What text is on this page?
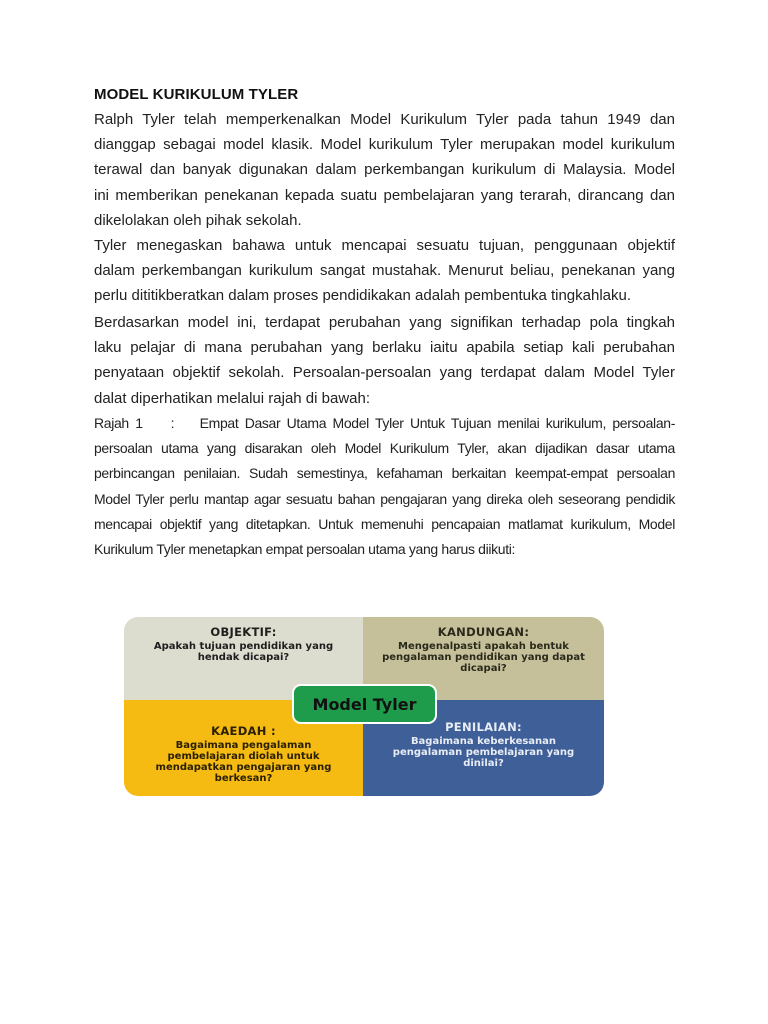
MODEL KURIKULUM TYLER
Ralph Tyler telah memperkenalkan Model Kurikulum Tyler pada tahun 1949 dan
dianggap sebagai model klasik. Model kurikulum Tyler merupakan model kurikulum
terawal dan banyak digunakan dalam perkembangan kurikulum di Malaysia. Model
ini memberikan penekanan kepada suatu pembelajaran yang terarah, dirancang dan
dikelolakan oleh pihak sekolah.
Tyler menegaskan bahawa untuk mencapai sesuatu tujuan, penggunaan objektif
dalam perkembangan kurikulum sangat mustahak. Menurut beliau, penekanan yang
perlu dititikberatkan dalam proses pendidikakan adalah pembentuka tingkahlaku.
Berdasarkan model ini, terdapat perubahan yang signifikan terhadap pola tingkah
laku pelajar di mana perubahan yang berlaku iaitu apabila setiap kali perubahan
penyataan objektif sekolah. Persoalan-persoalan yang terdapat dalam Model Tyler
dalat diperhatikan melalui rajah di bawah:
Rajah 1 : Empat Dasar Utama Model Tyler Untuk Tujuan menilai kurikulum, persoalan-
persoalan utama yang disarakan oleh Model Kurikulum Tyler, akan dijadikan dasar utama
perbincangan penilaian. Sudah semestinya, kefahaman berkaitan keempat-empat persoalan
Model Tyler perlu mantap agar sesuatu bahan pengajaran yang direka oleh seseorang pendidik
mencapai objektif yang ditetapkan. Untuk memenuhi pencapaian matlamat kurikulum, Model
Kurikulum Tyler menetapkan empat persoalan utama yang harus diikuti:
OBJEKTIF:
Apakah tujuan pendidikan yang hendak dicapai?
KANDUNGAN:
Mengenalpasti apakah bentuk pengalaman pendidikan yang dapat dicapai?
KAEDAH :
Bagaimana pengalaman pembelajaran diolah untuk mendapatkan pengajaran yang berkesan?
PENILAIAN:
Bagaimana keberkesanan pengalaman pembelajaran yang dinilai?
Model Tyler
